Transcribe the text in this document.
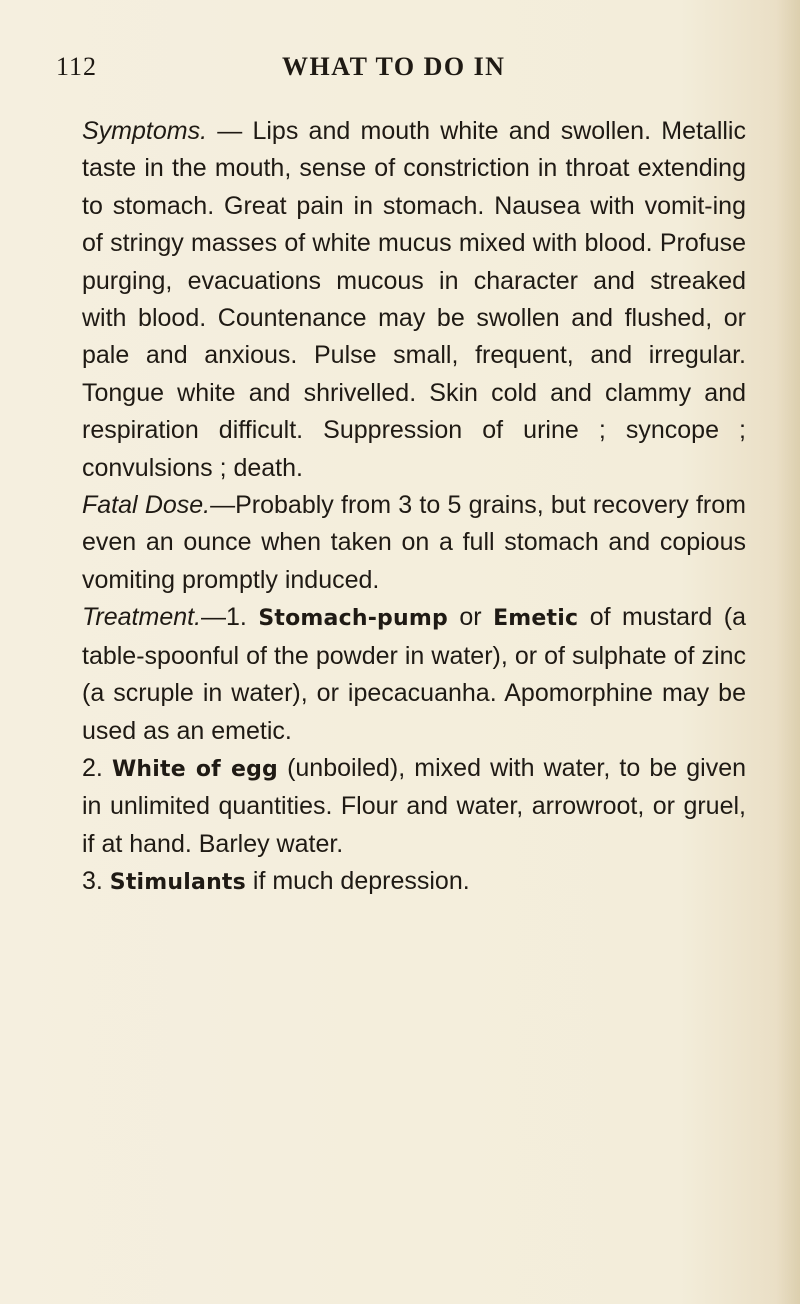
112	WHAT TO DO IN

Symptoms. — Lips and mouth white and swollen. Metallic taste in the mouth, sense of constriction in throat extending to stomach. Great pain in stomach. Nausea with vomit-ing of stringy masses of white mucus mixed with blood. Profuse purging, evacuations mucous in character and streaked with blood. Countenance may be swollen and flushed, or pale and anxious. Pulse small, frequent, and irregular. Tongue white and shrivelled. Skin cold and clammy and respiration difficult. Suppression of urine ; syncope ; convulsions ; death.

Fatal Dose.—Probably from 3 to 5 grains, but recovery from even an ounce when taken on a full stomach and copious vomiting promptly induced.

Treatment.—1. Stomach-pump or Emetic of mustard (a table-spoonful of the powder in water), or of sulphate of zinc (a scruple in water), or ipecacuanha. Apomorphine may be used as an emetic.

2. White of egg (unboiled), mixed with water, to be given in unlimited quantities. Flour and water, arrowroot, or gruel, if at hand. Barley water.

3. Stimulants if much depression.
